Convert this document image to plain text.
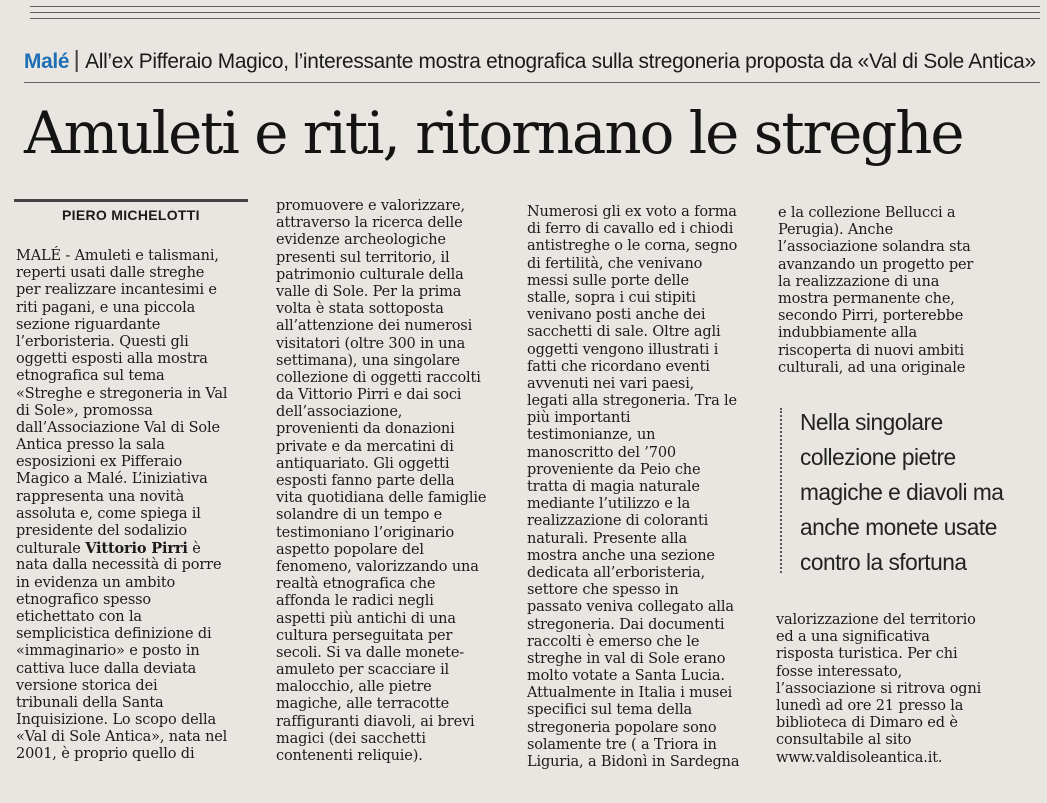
Malé All’ex Pifferaio Magico, l’interessante mostra etnografica sulla stregoneria proposta da «Val di Sole Antica»
Amuleti e riti, ritornano le streghe
PIERO MICHELOTTI
MALÉ - Amuleti e talismani,
reperti usati dalle streghe
per realizzare incantesimi e
riti pagani, e una piccola
sezione riguardante
l’erboristeria. Questi gli
oggetti esposti alla mostra
etnografica sul tema
«Streghe e stregoneria in Val
di Sole», promossa
dall’Associazione Val di Sole
Antica presso la sala
esposizioni ex Pifferaio
Magico a Malé. L’iniziativa
rappresenta una novità
assoluta e, come spiega il
presidente del sodalizio
culturale Vittorio Pirri è
nata dalla necessità di porre
in evidenza un ambito
etnografico spesso
etichettato con la
semplicistica definizione di
«immaginario» e posto in
cattiva luce dalla deviata
versione storica dei
tribunali della Santa
Inquisizione. Lo scopo della
«Val di Sole Antica», nata nel
2001, è proprio quello di
promuovere e valorizzare,
attraverso la ricerca delle
evidenze archeologiche
presenti sul territorio, il
patrimonio culturale della
valle di Sole. Per la prima
volta è stata sottoposta
all’attenzione dei numerosi
visitatori (oltre 300 in una
settimana), una singolare
collezione di oggetti raccolti
da Vittorio Pirri e dai soci
dell’associazione,
provenienti da donazioni
private e da mercatini di
antiquariato. Gli oggetti
esposti fanno parte della
vita quotidiana delle famiglie
solandre di un tempo e
testimoniano l’originario
aspetto popolare del
fenomeno, valorizzando una
realtà etnografica che
affonda le radici negli
aspetti più antichi di una
cultura perseguitata per
secoli. Si va dalle monete-
amuleto per scacciare il
malocchio, alle pietre
magiche, alle terracotte
raffiguranti diavoli, ai brevi
magici (dei sacchetti
contenenti reliquie).
Numerosi gli ex voto a forma
di ferro di cavallo ed i chiodi
antistreghe o le corna, segno
di fertilità, che venivano
messi sulle porte delle
stalle, sopra i cui stipiti
venivano posti anche dei
sacchetti di sale. Oltre agli
oggetti vengono illustrati i
fatti che ricordano eventi
avvenuti nei vari paesi,
legati alla stregoneria. Tra le
più importanti
testimonianze, un
manoscritto del ’700
proveniente da Peio che
tratta di magia naturale
mediante l’utilizzo e la
realizzazione di coloranti
naturali. Presente alla
mostra anche una sezione
dedicata all’erboristeria,
settore che spesso in
passato veniva collegato alla
stregoneria. Dai documenti
raccolti è emerso che le
streghe in val di Sole erano
molto votate a Santa Lucia.
Attualmente in Italia i musei
specifici sul tema della
stregoneria popolare sono
solamente tre ( a Triora in
Liguria, a Bidonì in Sardegna
e la collezione Bellucci a
Perugia). Anche
l’associazione solandra sta
avanzando un progetto per
la realizzazione di una
mostra permanente che,
secondo Pirri, porterebbe
indubbiamente alla
riscoperta di nuovi ambiti
culturali, ad una originale
Nella singolare
collezione pietre
magiche e diavoli ma
anche monete usate
contro la sfortuna
valorizzazione del territorio
ed a una significativa
risposta turistica. Per chi
fosse interessato,
l’associazione si ritrova ogni
lunedì ad ore 21 presso la
biblioteca di Dimaro ed è
consultabile al sito
www.valdisoleantica.it.
